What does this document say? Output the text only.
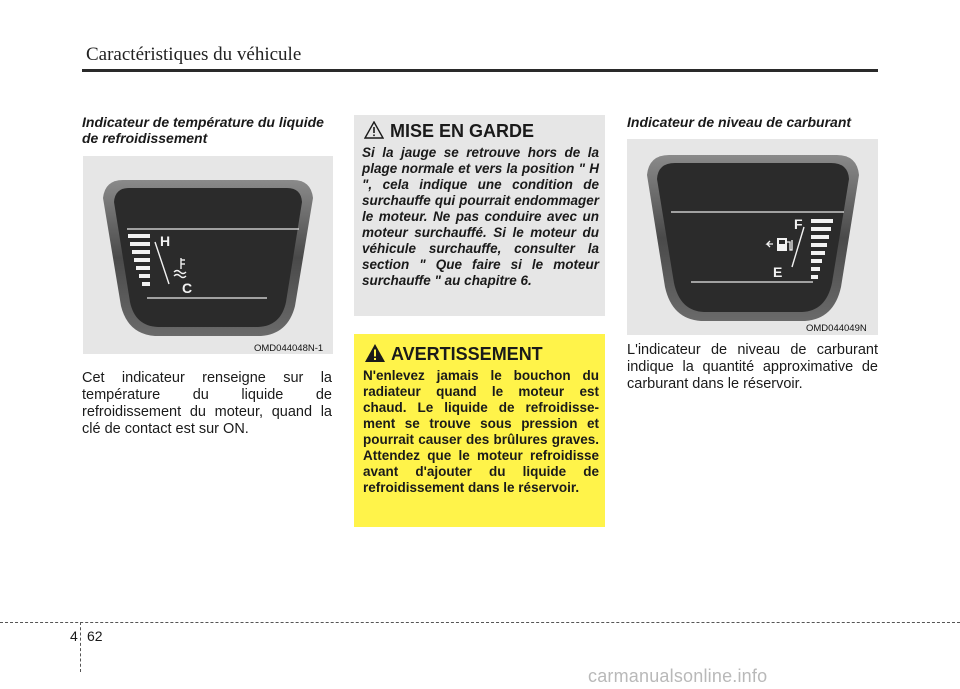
Caractéristiques du véhicule
Indicateur de température du liquide de refroidissement
H
C
OMD044048N-1
Cet indicateur renseigne sur la température du liquide de refroidissement du moteur, quand la clé de contact est sur ON.
MISE EN GARDE
Si la jauge se retrouve hors de la plage normale et vers la position " H ", cela indique une condition de surchauffe qui pourrait endommager le moteur. Ne pas conduire avec un moteur surchauffé. Si le moteur du véhicule surchauffe, consulter la section " Que faire si le moteur surchauffe " au chapitre 6.
AVERTISSEMENT
N'enlevez jamais le bouchon du radiateur quand le moteur est chaud. Le liquide de refroidisse-ment se trouve sous pression et pourrait causer des brûlures graves. Attendez que le moteur refroidisse avant d'ajouter du liquide de refroidissement dans le réservoir.
Indicateur de niveau de carburant
F
E
OMD044049N
L'indicateur de niveau de carburant indique la quantité approximative de carburant dans le réservoir.
4 62
carmanualsonline.info
